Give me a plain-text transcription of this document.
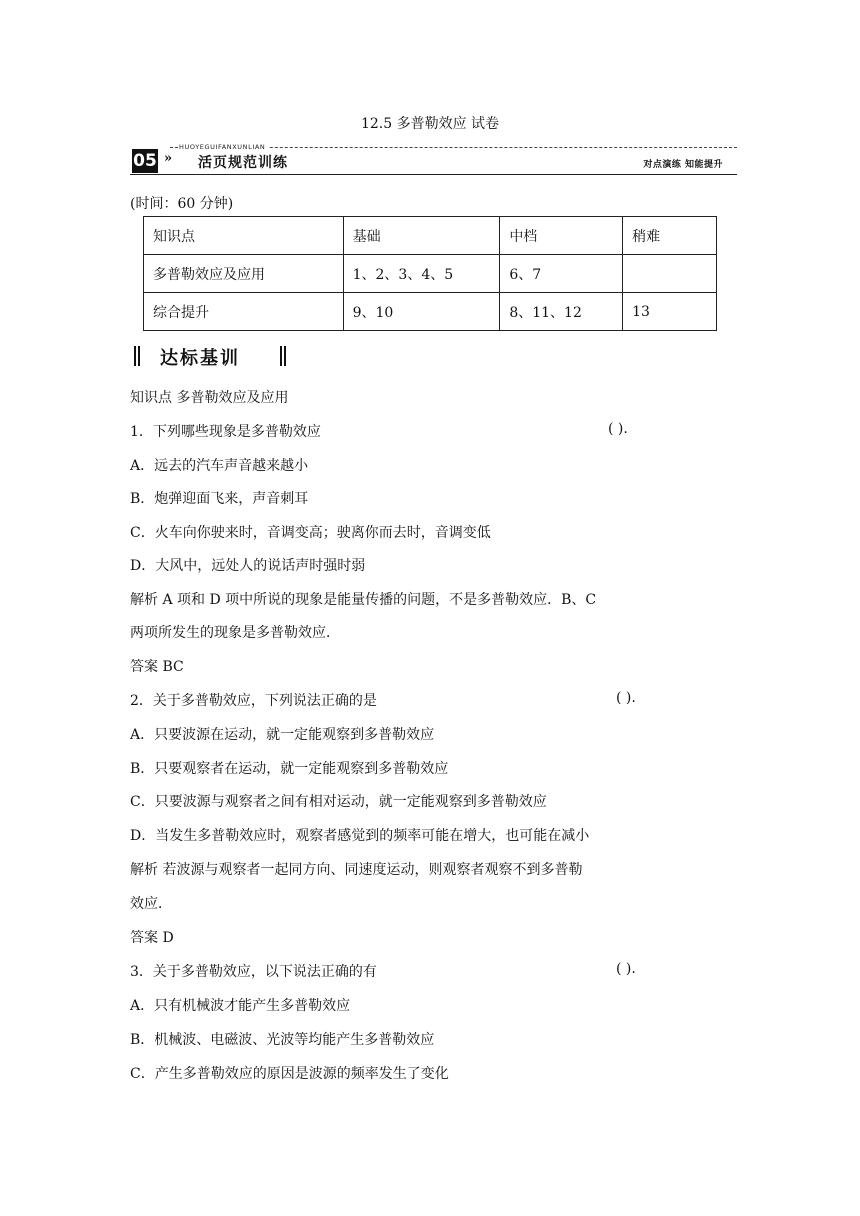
12.5 多普勒效应 试卷
HUOYEGUIFANXUNLIAN
05 » 活页规范训练	对点演练 知能提升
(时间：60 分钟)
知识点	基础	中档	稍难
多普勒效应及应用	1、2、3、4、5	6、7	
综合提升	9、10	8、11、12	13
达标基训
知识点 多普勒效应及应用
1．下列哪些现象是多普勒效应	( ).
A．远去的汽车声音越来越小
B．炮弹迎面飞来，声音刺耳
C．火车向你驶来时，音调变高；驶离你而去时，音调变低
D．大风中，远处人的说话声时强时弱
解析 A 项和 D 项中所说的现象是能量传播的问题，不是多普勒效应．B、C
两项所发生的现象是多普勒效应．
答案 BC
2．关于多普勒效应，下列说法正确的是	( ).
A．只要波源在运动，就一定能观察到多普勒效应
B．只要观察者在运动，就一定能观察到多普勒效应
C．只要波源与观察者之间有相对运动，就一定能观察到多普勒效应
D．当发生多普勒效应时，观察者感觉到的频率可能在增大，也可能在减小
解析 若波源与观察者一起同方向、同速度运动，则观察者观察不到多普勒
效应．
答案 D
3．关于多普勒效应，以下说法正确的有	( ).
A．只有机械波才能产生多普勒效应
B．机械波、电磁波、光波等均能产生多普勒效应
C．产生多普勒效应的原因是波源的频率发生了变化
